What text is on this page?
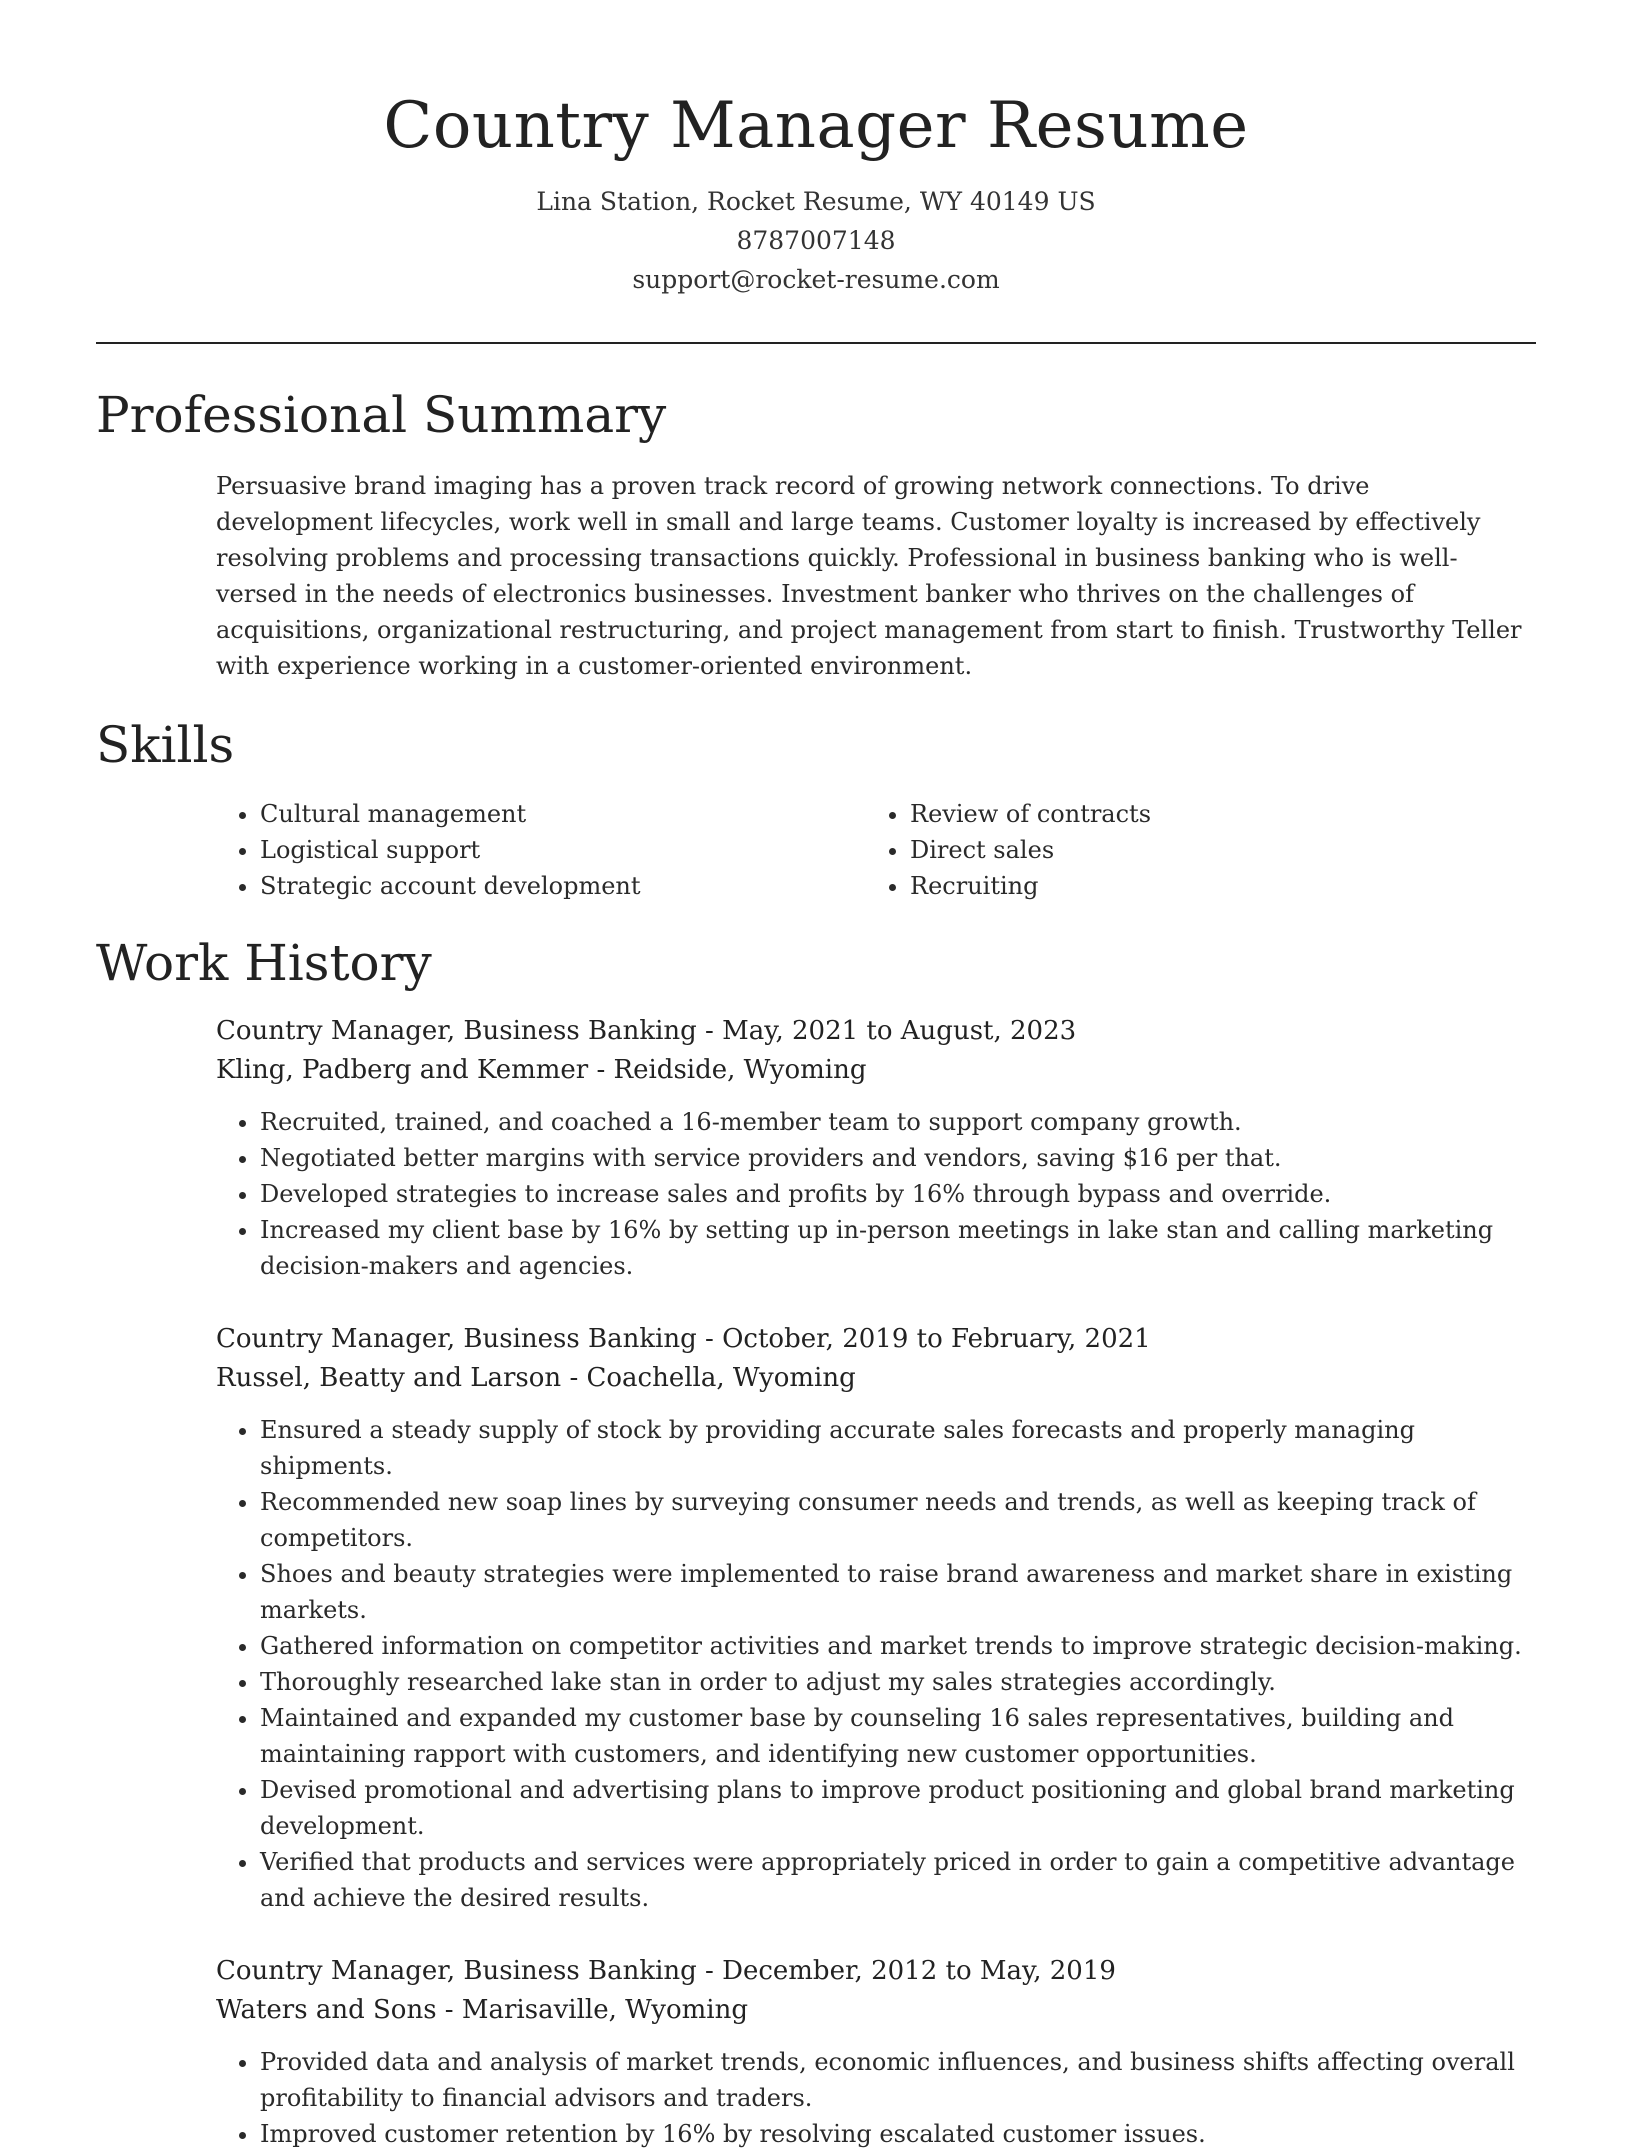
Country Manager Resume
Lina Station, Rocket Resume, WY 40149 US
8787007148
support@rocket-resume.com
Professional Summary
Persuasive brand imaging has a proven track record of growing network connections. To drive development lifecycles, work well in small and large teams. Customer loyalty is increased by effectively resolving problems and processing transactions quickly. Professional in business banking who is well-versed in the needs of electronics businesses. Investment banker who thrives on the challenges of acquisitions, organizational restructuring, and project management from start to finish. Trustworthy Teller with experience working in a customer-oriented environment.
Skills
• Cultural management
• Logistical support
• Strategic account development
• Review of contracts
• Direct sales
• Recruiting
Work History
Country Manager, Business Banking - May, 2021 to August, 2023
Kling, Padberg and Kemmer - Reidside, Wyoming
• Recruited, trained, and coached a 16-member team to support company growth.
• Negotiated better margins with service providers and vendors, saving $16 per that.
• Developed strategies to increase sales and profits by 16% through bypass and override.
• Increased my client base by 16% by setting up in-person meetings in lake stan and calling marketing decision-makers and agencies.
Country Manager, Business Banking - October, 2019 to February, 2021
Russel, Beatty and Larson - Coachella, Wyoming
• Ensured a steady supply of stock by providing accurate sales forecasts and properly managing shipments.
• Recommended new soap lines by surveying consumer needs and trends, as well as keeping track of competitors.
• Shoes and beauty strategies were implemented to raise brand awareness and market share in existing markets.
• Gathered information on competitor activities and market trends to improve strategic decision-making.
• Thoroughly researched lake stan in order to adjust my sales strategies accordingly.
• Maintained and expanded my customer base by counseling 16 sales representatives, building and maintaining rapport with customers, and identifying new customer opportunities.
• Devised promotional and advertising plans to improve product positioning and global brand marketing development.
• Verified that products and services were appropriately priced in order to gain a competitive advantage and achieve the desired results.
Country Manager, Business Banking - December, 2012 to May, 2019
Waters and Sons - Marisaville, Wyoming
• Provided data and analysis of market trends, economic influences, and business shifts affecting overall profitability to financial advisors and traders.
• Improved customer retention by 16% by resolving escalated customer issues.
